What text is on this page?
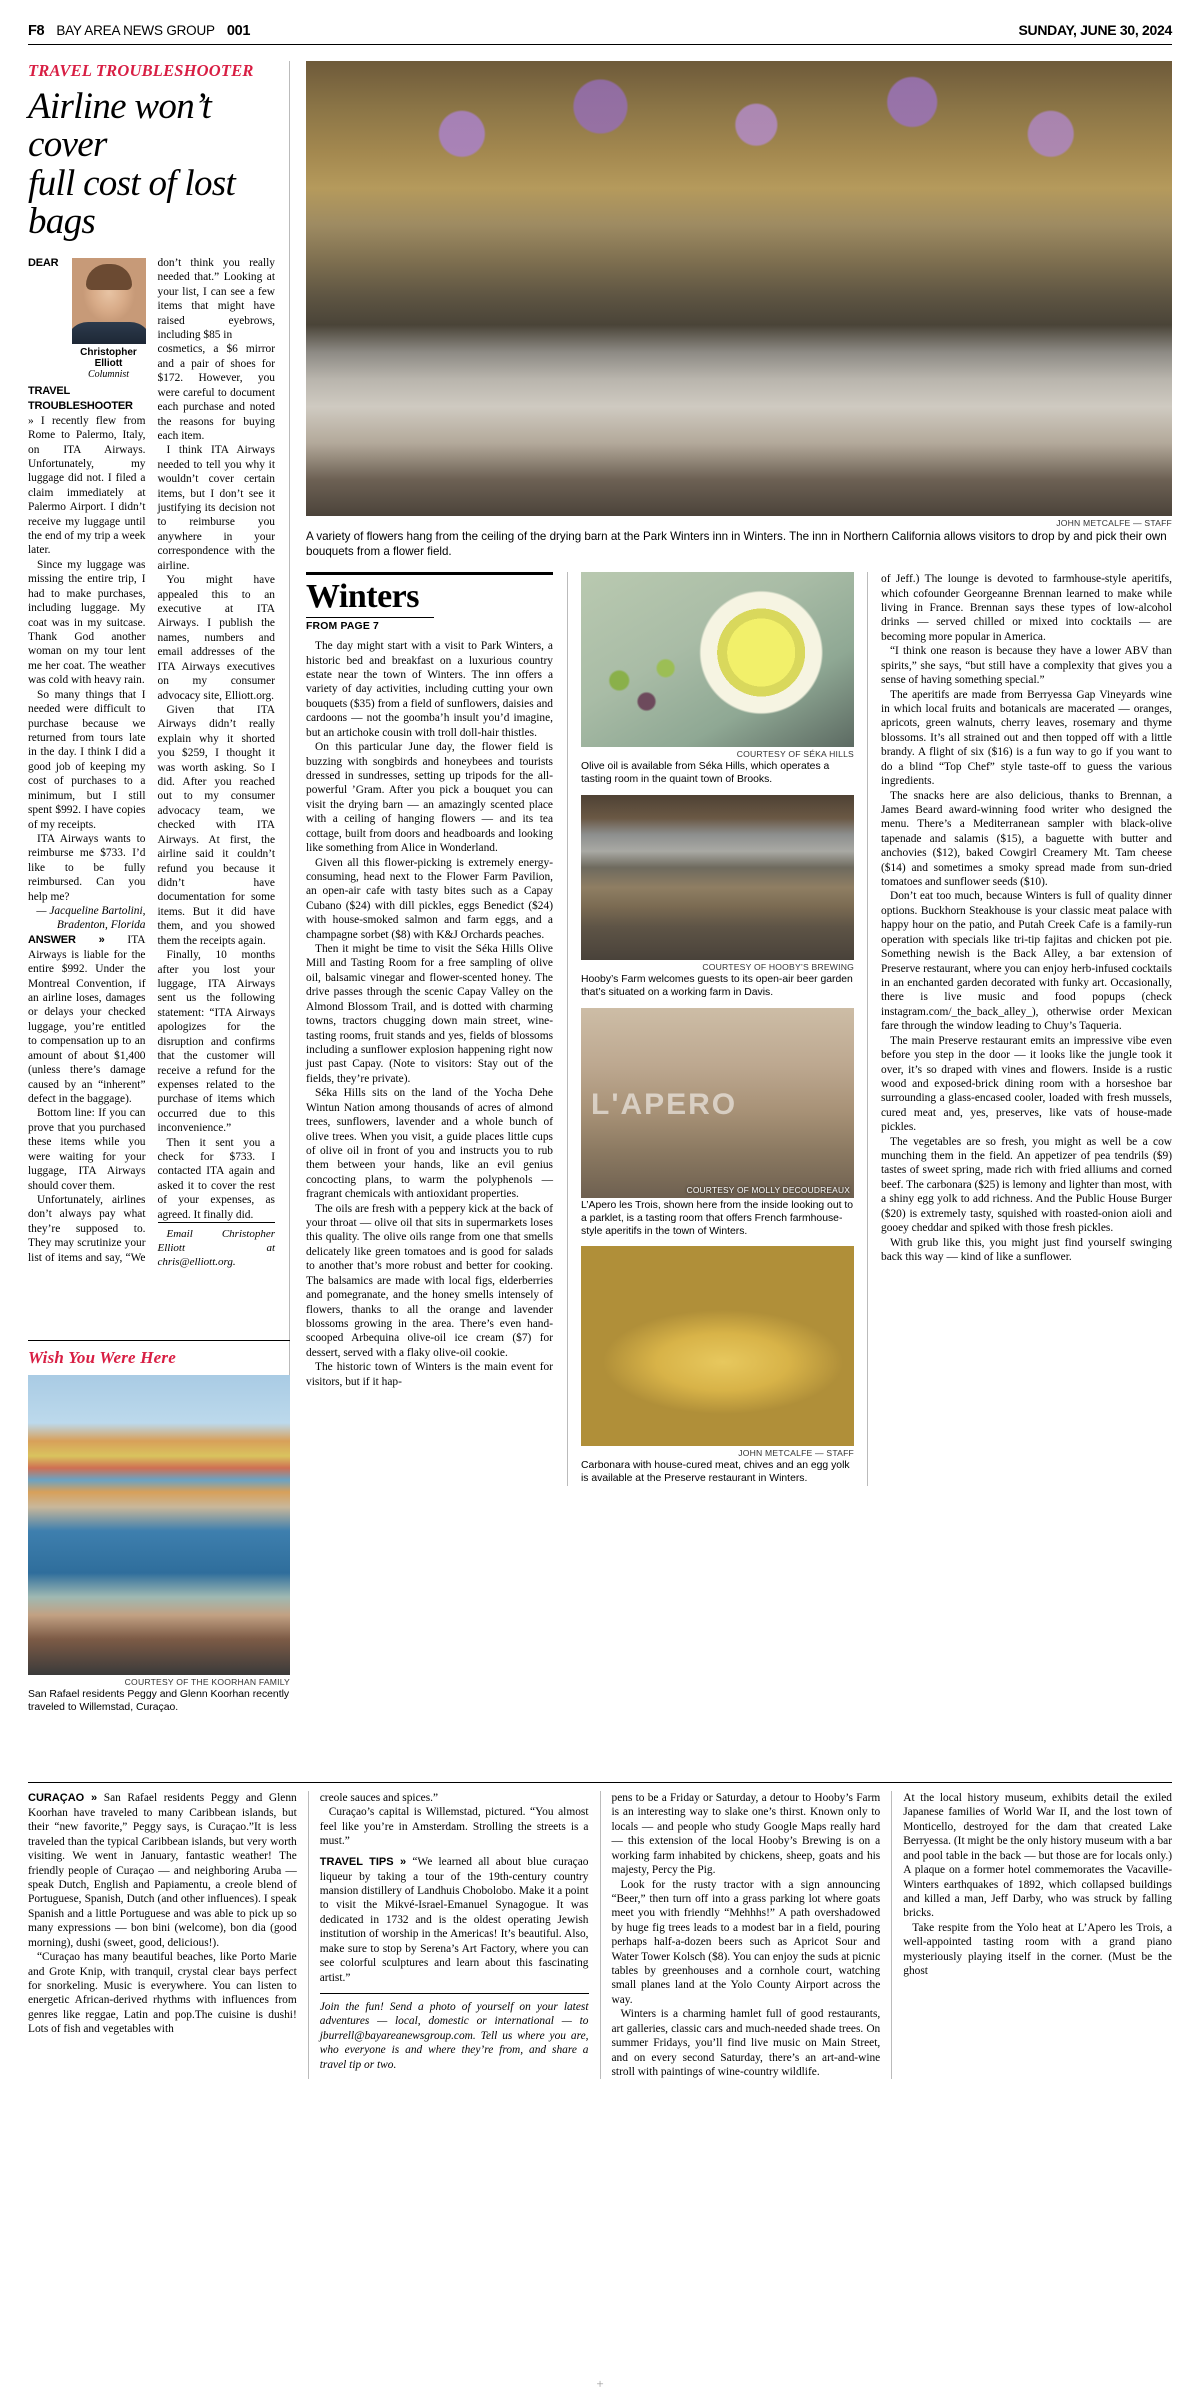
F8 BAY AREA NEWS GROUP 001	SUNDAY, JUNE 30, 2024
TRAVEL TROUBLESHOOTER
Airline won’t cover
full cost of lost bags
Christopher Elliott
Columnist

DEAR TRAVEL TROUBLESHOOTER

» I recently flew from Rome to Palermo, Italy, on ITA Airways. Unfortunately, my luggage did not. I filed a claim immediately at Palermo Airport. I didn’t receive my luggage until the end of my trip a week later.

Since my luggage was missing the entire trip, I had to make purchases, including luggage. My coat was in my suitcase. Thank God another woman on my tour lent me her coat. The weather was cold with heavy rain.

So many things that I needed were difficult to purchase because we returned from tours late in the day. I think I did a good job of keeping my cost of purchases to a minimum, but I still spent $992. I have copies of my receipts.

ITA Airways wants to reimburse me $733. I’d like to be fully reimbursed. Can you help me?

— Jacqueline Bartolini, Bradenton, Florida

ANSWER » ITA Airways is liable for the entire $992. Under the Montreal Convention, if an airline loses, damages or delays your checked luggage, you’re entitled to compensation up to an amount of about $1,400 (unless there’s damage caused by an “inherent” defect in the baggage).

Bottom line: If you can prove that you purchased these items while you were waiting for your luggage, ITA Airways should cover them.

Unfortunately, airlines don’t always pay what they’re supposed to. They may scrutinize your list of items and say, “We don’t think you really needed that.” Looking at your list, I can see a few items that might have raised eyebrows, including $85 in

cosmetics, a $6 mirror and a pair of shoes for $172. However, you were careful to document each purchase and noted the reasons for buying each item.

I think ITA Airways needed to tell you why it wouldn’t cover certain items, but I don’t see it justifying its decision not to reimburse you anywhere in your correspondence with the airline.

You might have appealed this to an executive at ITA Airways. I publish the names, numbers and email addresses of the ITA Airways executives on my consumer advocacy site, Elliott.org.

Given that ITA Airways didn’t really explain why it shorted you $259, I thought it was worth asking. So I did. After you reached out to my consumer advocacy team, we checked with ITA Airways. At first, the airline said it couldn’t refund you because it didn’t have documentation for some items. But it did have them, and you showed them the receipts again.

Finally, 10 months after you lost your luggage, ITA Airways sent us the following statement: “ITA Airways apologizes for the disruption and confirms that the customer will receive a refund for the expenses related to the purchase of items which occurred due to this inconvenience.”

Then it sent you a check for $733. I contacted ITA again and asked it to cover the rest of your expenses, as agreed. It finally did.

Email Christopher Elliott at chris@elliott.org.

JOHN METCALFE — STAFF
A variety of flowers hang from the ceiling of the drying barn at the Park Winters inn in Winters. The inn in Northern California allows visitors to drop by and pick their own bouquets from a flower field.
Winters
FROM PAGE 7

The day might start with a visit to Park Winters, a historic bed and breakfast on a luxurious country estate near the town of Winters. The inn offers a variety of day activities, including cutting your own bouquets ($35) from a field of sunflowers, daisies and cardoons — not the goomba’h insult you’d imagine, but an artichoke cousin with troll doll-hair thistles.

On this particular June day, the flower field is buzzing with songbirds and honeybees and tourists dressed in sundresses, setting up tripods for the all-powerful ’Gram. After you pick a bouquet you can visit the drying barn — an amazingly scented place with a ceiling of hanging flowers — and its tea cottage, built from doors and headboards and looking like something from Alice in Wonderland.

Given all this flower-picking is extremely energy-consuming, head next to the Flower Farm Pavilion, an open-air cafe with tasty bites such as a Capay Cubano ($24) with dill pickles, eggs Benedict ($24) with house-smoked salmon and farm eggs, and a champagne sorbet ($8) with K&J Orchards peaches.

Then it might be time to visit the Séka Hills Olive Mill and Tasting Room for a free sampling of olive oil, balsamic vinegar and flower-scented honey. The drive passes through the scenic Capay Valley on the Almond Blossom Trail, and is dotted with charming towns, tractors chugging down main street, wine-tasting rooms, fruit stands and yes, fields of blossoms including a sunflower explosion happening right now just past Capay. (Note to visitors: Stay out of the fields, they’re private).

Séka Hills sits on the land of the Yocha Dehe Wintun Nation among thousands of acres of almond trees, sunflowers, lavender and a whole bunch of olive trees. When you visit, a guide places little cups of olive oil in front of you and instructs you to rub them between your hands, like an evil genius concocting plans, to warm the polyphenols — fragrant chemicals with antioxidant properties.

The oils are fresh with a peppery kick at the back of your throat — olive oil that sits in supermarkets loses this quality. The olive oils range from one that smells delicately like green tomatoes and is good for salads to another that’s more robust and better for cooking. The balsamics are made with local figs, elderberries and pomegranate, and the honey smells intensely of flowers, thanks to all the orange and lavender blossoms growing in the area. There’s even hand-scooped Arbequina olive-oil ice cream ($7) for dessert, served with a flaky olive-oil cookie.

The historic town of Winters is the main event for visitors, but if it hap-

COURTESY OF SÉKA HILLS
Olive oil is available from Séka Hills, which operates a tasting room in the quaint town of Brooks.
COURTESY OF HOOBY’S BREWING
Hooby’s Farm welcomes guests to its open-air beer garden that’s situated on a working farm in Davis.
COURTESY OF MOLLY DECOUDREAUX
L'APERO
L’Apero les Trois, shown here from the inside looking out to a parklet, is a tasting room that offers French farmhouse-style aperitifs in the town of Winters.
JOHN METCALFE — STAFF
Carbonara with house-cured meat, chives and an egg yolk is available at the Preserve restaurant in Winters.

of Jeff.) The lounge is devoted to farmhouse-style aperitifs, which cofounder Georgeanne Brennan learned to make while living in France. Brennan says these types of low-alcohol drinks — served chilled or mixed into cocktails — are becoming more popular in America.

“I think one reason is because they have a lower ABV than spirits,” she says, “but still have a complexity that gives you a sense of having something special.”

The aperitifs are made from Berryessa Gap Vineyards wine in which local fruits and botanicals are macerated — oranges, apricots, green walnuts, cherry leaves, rosemary and thyme blossoms. It’s all strained out and then topped off with a little brandy. A flight of six ($16) is a fun way to go if you want to do a blind “Top Chef” style taste-off to guess the various ingredients.

The snacks here are also delicious, thanks to Brennan, a James Beard award-winning food writer who designed the menu. There’s a Mediterranean sampler with black-olive tapenade and salamis ($15), a baguette with butter and anchovies ($12), baked Cowgirl Creamery Mt. Tam cheese ($14) and sometimes a smoky spread made from sun-dried tomatoes and sunflower seeds ($10).

Don’t eat too much, because Winters is full of quality dinner options. Buckhorn Steakhouse is your classic meat palace with happy hour on the patio, and Putah Creek Cafe is a family-run operation with specials like tri-tip fajitas and chicken pot pie. Something newish is the Back Alley, a bar extension of Preserve restaurant, where you can enjoy herb-infused cocktails in an enchanted garden decorated with funky art. Occasionally, there is live music and food popups (check instagram.com/_the_back_alley_), otherwise order Mexican fare through the window leading to Chuy’s Taqueria.

The main Preserve restaurant emits an impressive vibe even before you step in the door — it looks like the jungle took it over, it’s so draped with vines and flowers. Inside is a rustic wood and exposed-brick dining room with a horseshoe bar surrounding a glass-encased cooler, loaded with fresh mussels, cured meat and, yes, preserves, like vats of house-made pickles.

The vegetables are so fresh, you might as well be a cow munching them in the field. An appetizer of pea tendrils ($9) tastes of sweet spring, made rich with fried alliums and corned beef. The carbonara ($25) is lemony and lighter than most, with a shiny egg yolk to add richness. And the Public House Burger ($20) is extremely tasty, squished with roasted-onion aioli and gooey cheddar and spiked with those fresh pickles.

With grub like this, you might just find yourself swinging back this way — kind of like a sunflower.

Wish You Were Here
COURTESY OF THE KOORHAN FAMILY
San Rafael residents Peggy and Glenn Koorhan recently traveled to Willemstad, Curaçao.

CURAÇAO » San Rafael residents Peggy and Glenn Koorhan have traveled to many Caribbean islands, but their “new favorite,” Peggy says, is Curaçao.”It is less traveled than the typical Caribbean islands, but very worth visiting. We went in January, fantastic weather! The friendly people of Curaçao — and neighboring Aruba — speak Dutch, English and Papiamentu, a creole blend of Portuguese, Spanish, Dutch (and other influences). I speak Spanish and a little Portuguese and was able to pick up so many expressions — bon bini (welcome), bon dia (good morning), dushi (sweet, good, delicious!).

“Curaçao has many beautiful beaches, like Porto Marie and Grote Knip, with tranquil, crystal clear bays perfect for snorkeling. Music is everywhere. You can listen to energetic African-derived rhythms with influences from genres like reggae, Latin and pop.The cuisine is dushi! Lots of fish and vegetables with

creole sauces and spices.”

Curaçao’s capital is Willemstad, pictured. “You almost feel like you’re in Amsterdam. Strolling the streets is a must.”

TRAVEL TIPS » “We learned all about blue curaçao liqueur by taking a tour of the 19th-century country mansion distillery of Landhuis Chobolobo. Make it a point to visit the Mikvé-Israel-Emanuel Synagogue. It was dedicated in 1732 and is the oldest operating Jewish institution of worship in the Americas! It’s beautiful. Also, make sure to stop by Serena’s Art Factory, where you can see colorful sculptures and learn about this fascinating artist.”

Join the fun! Send a photo of yourself on your latest adventures — local, domestic or international — to jburrell@bayareanewsgroup.com. Tell us where you are, who everyone is and where they’re from, and share a travel tip or two.

pens to be a Friday or Saturday, a detour to Hooby’s Farm is an interesting way to slake one’s thirst. Known only to locals — and people who study Google Maps really hard — this extension of the local Hooby’s Brewing is on a working farm inhabited by chickens, sheep, goats and his majesty, Percy the Pig.

Look for the rusty tractor with a sign announcing “Beer,” then turn off into a grass parking lot where goats meet you with friendly “Mehhhs!” A path overshadowed by huge fig trees leads to a modest bar in a field, pouring perhaps half-a-dozen beers such as Apricot Sour and Water Tower Kolsch ($8). You can enjoy the suds at picnic tables by greenhouses and a cornhole court, watching small planes land at the Yolo County Airport across the way.

Winters is a charming hamlet full of good restaurants, art galleries, classic cars and much-needed shade trees. On summer Fridays, you’ll find live music on Main Street, and on every second Saturday, there’s an art-and-wine stroll with paintings of wine-country wildlife.

At the local history museum, exhibits detail the exiled Japanese families of World War II, and the lost town of Monticello, destroyed for the dam that created Lake Berryessa. (It might be the only history museum with a bar and pool table in the back — but those are for locals only.) A plaque on a former hotel commemorates the Vacaville-Winters earthquakes of 1892, which collapsed buildings and killed a man, Jeff Darby, who was struck by falling bricks.

Take respite from the Yolo heat at L’Apero les Trois, a well-appointed tasting room with a grand piano mysteriously playing itself in the corner. (Must be the ghost

+
